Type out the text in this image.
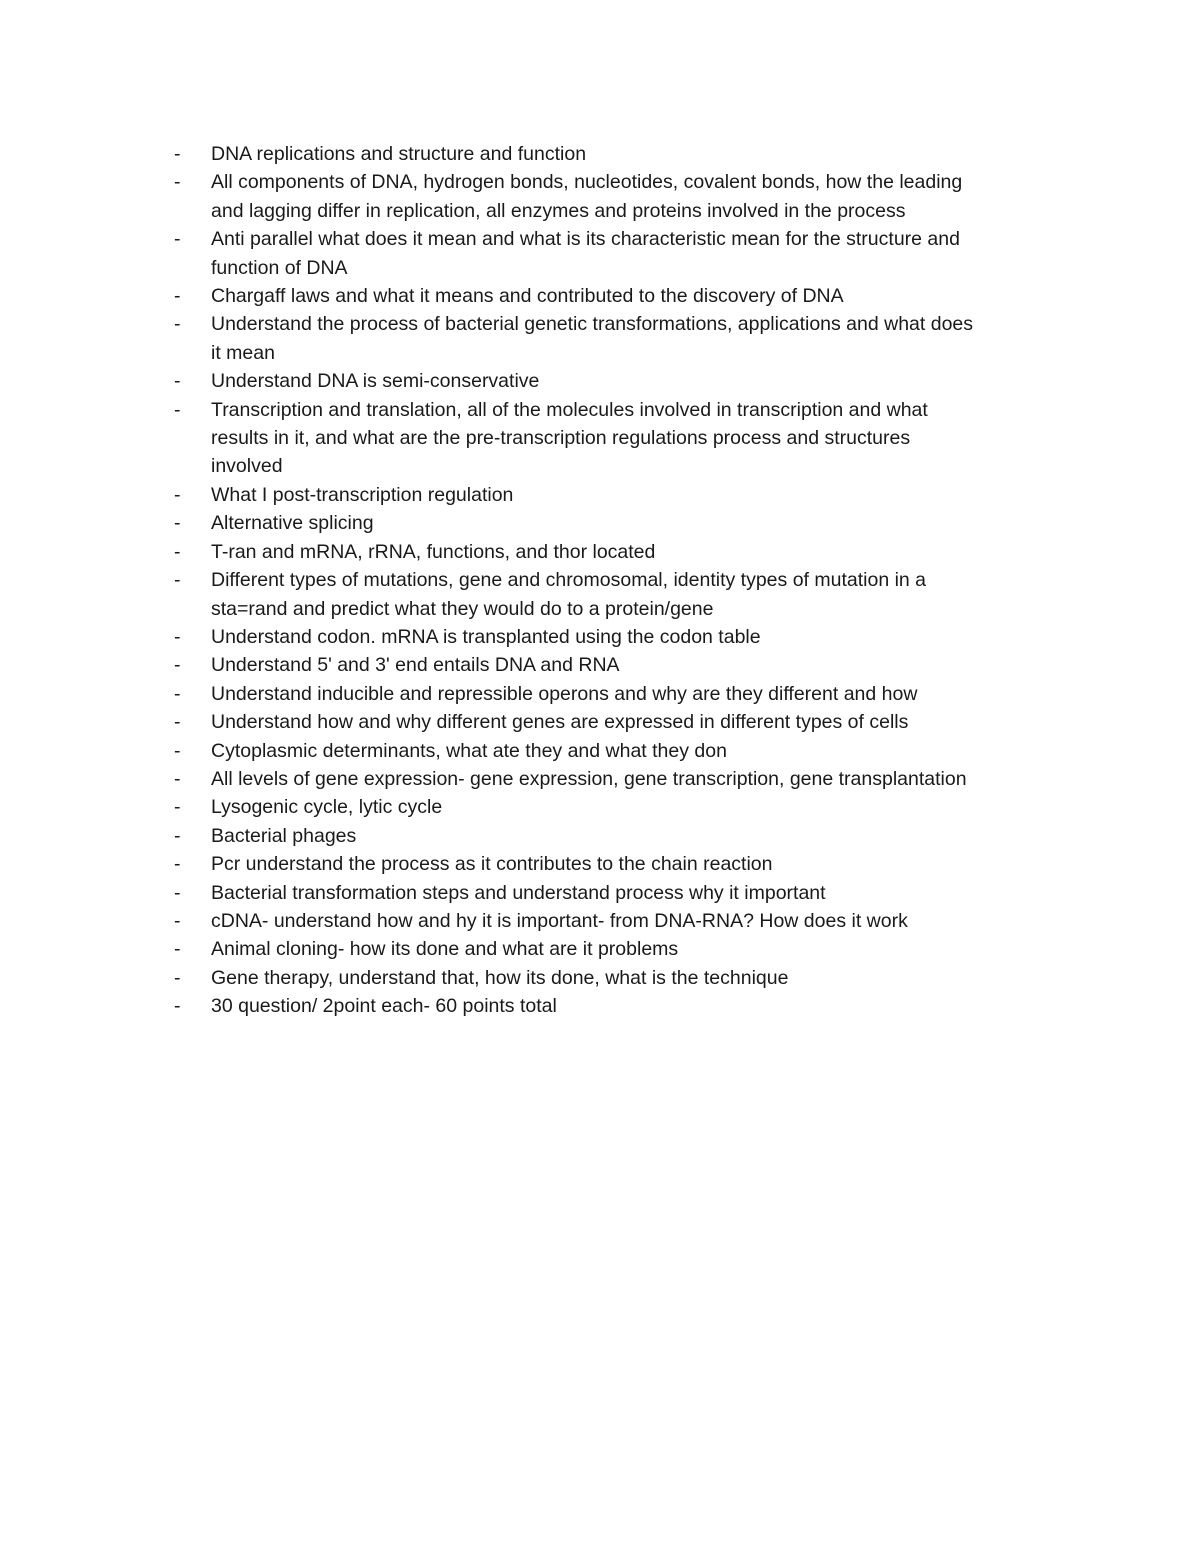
-	DNA replications and structure and function
-	All components of DNA, hydrogen bonds, nucleotides, covalent bonds, how the leading
and lagging differ in replication, all enzymes and proteins involved in the process
-	Anti parallel what does it mean and what is its characteristic mean for the structure and
function of DNA
-	Chargaff laws and what it means and contributed to the discovery of DNA
-	Understand the process of bacterial genetic transformations, applications and what does
it mean
-	Understand DNA is semi-conservative
-	Transcription and translation, all of the molecules involved in transcription and what
results in it, and what are the pre-transcription regulations process and structures
involved
-	What I post-transcription regulation
-	Alternative splicing
-	T-ran and mRNA, rRNA, functions, and thor located
-	Different types of mutations, gene and chromosomal, identity types of mutation in a
sta=rand and predict what they would do to a protein/gene
-	Understand codon. mRNA is transplanted using the codon table
-	Understand 5' and 3' end entails DNA and RNA
-	Understand inducible and repressible operons and why are they different and how
-	Understand how and why different genes are expressed in different types of cells
-	Cytoplasmic determinants, what ate they and what they don
-	All levels of gene expression- gene expression, gene transcription, gene transplantation
-	Lysogenic cycle, lytic cycle
-	Bacterial phages
-	Pcr understand the process as it contributes to the chain reaction
-	Bacterial transformation steps and understand process why it important
-	cDNA- understand how and hy it is important- from DNA-RNA? How does it work
-	Animal cloning- how its done and what are it problems
-	Gene therapy, understand that, how its done, what is the technique
-	30 question/ 2point each- 60 points total
